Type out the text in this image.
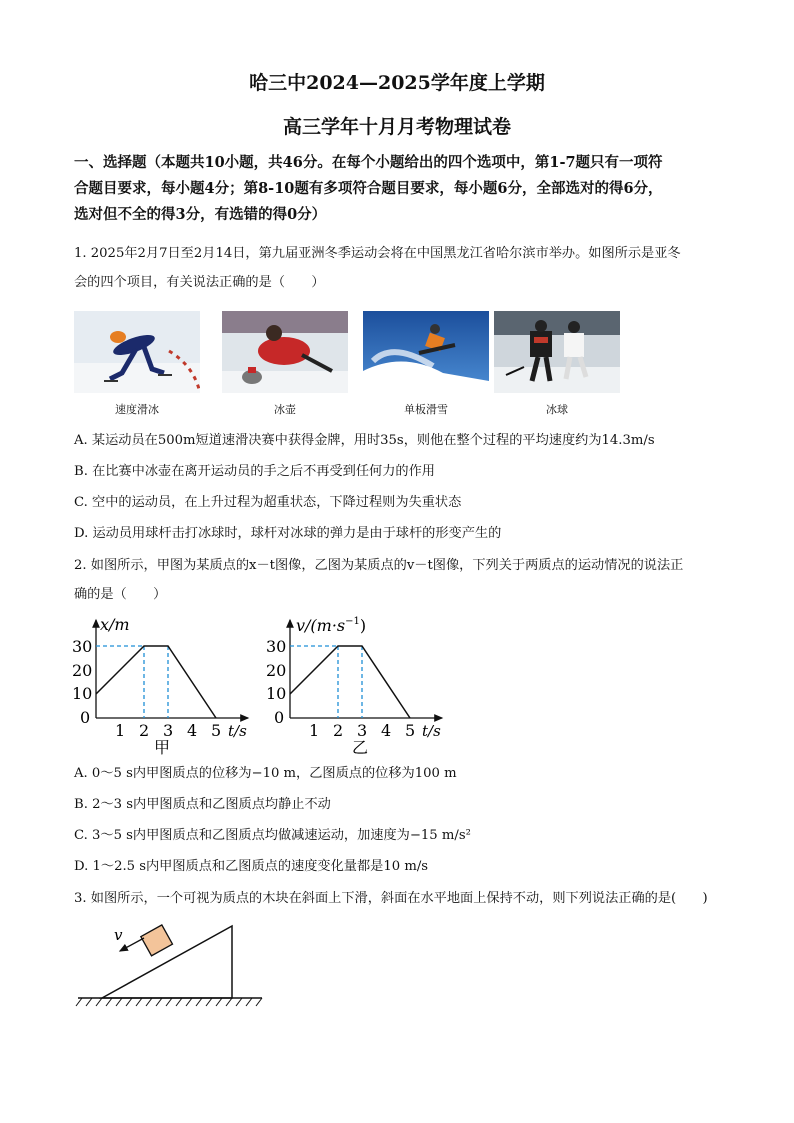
哈三中2024—2025学年度上学期
高三学年十月月考物理试卷
一、选择题（本题共10小题，共46分。在每个小题给出的四个选项中，第1-7题只有一项符
合题目要求，每小题4分；第8-10题有多项符合题目要求，每小题6分，全部选对的得6分，
选对但不全的得3分，有选错的得0分）
1. 2025年2月7日至2月14日，第九届亚洲冬季运动会将在中国黑龙江省哈尔滨市举办。如图所示是亚冬
会的四个项目，有关说法正确的是（　　）
速度滑冰	冰壶	单板滑雪	冰球
A. 某运动员在500m短道速滑决赛中获得金牌，用时35s，则他在整个过程的平均速度约为14.3m/s
B. 在比赛中冰壶在离开运动员的手之后不再受到任何力的作用
C. 空中的运动员，在上升过程为超重状态，下降过程则为失重状态
D. 运动员用球杆击打冰球时，球杆对冰球的弹力是由于球杆的形变产生的
2. 如图所示，甲图为某质点的x－t图像，乙图为某质点的v－t图像，下列关于两质点的运动情况的说法正
确的是（　　）
x/m
t/s
30
20
10
0
1 2 3 4 5
甲
$v/(m\cdot s^{-1})$
t/s
30
20
10
0
1 2 3 4 5
乙
A. 0～5 s内甲图质点的位移为−10 m，乙图质点的位移为100 m
B. 2～3 s内甲图质点和乙图质点均静止不动
C. 3～5 s内甲图质点和乙图质点均做减速运动，加速度为−15 m/s²
D. 1～2.5 s内甲图质点和乙图质点的速度变化量都是10 m/s
3. 如图所示，一个可视为质点的木块在斜面上下滑，斜面在水平地面上保持不动，则下列说法正确的是(　　)
v
